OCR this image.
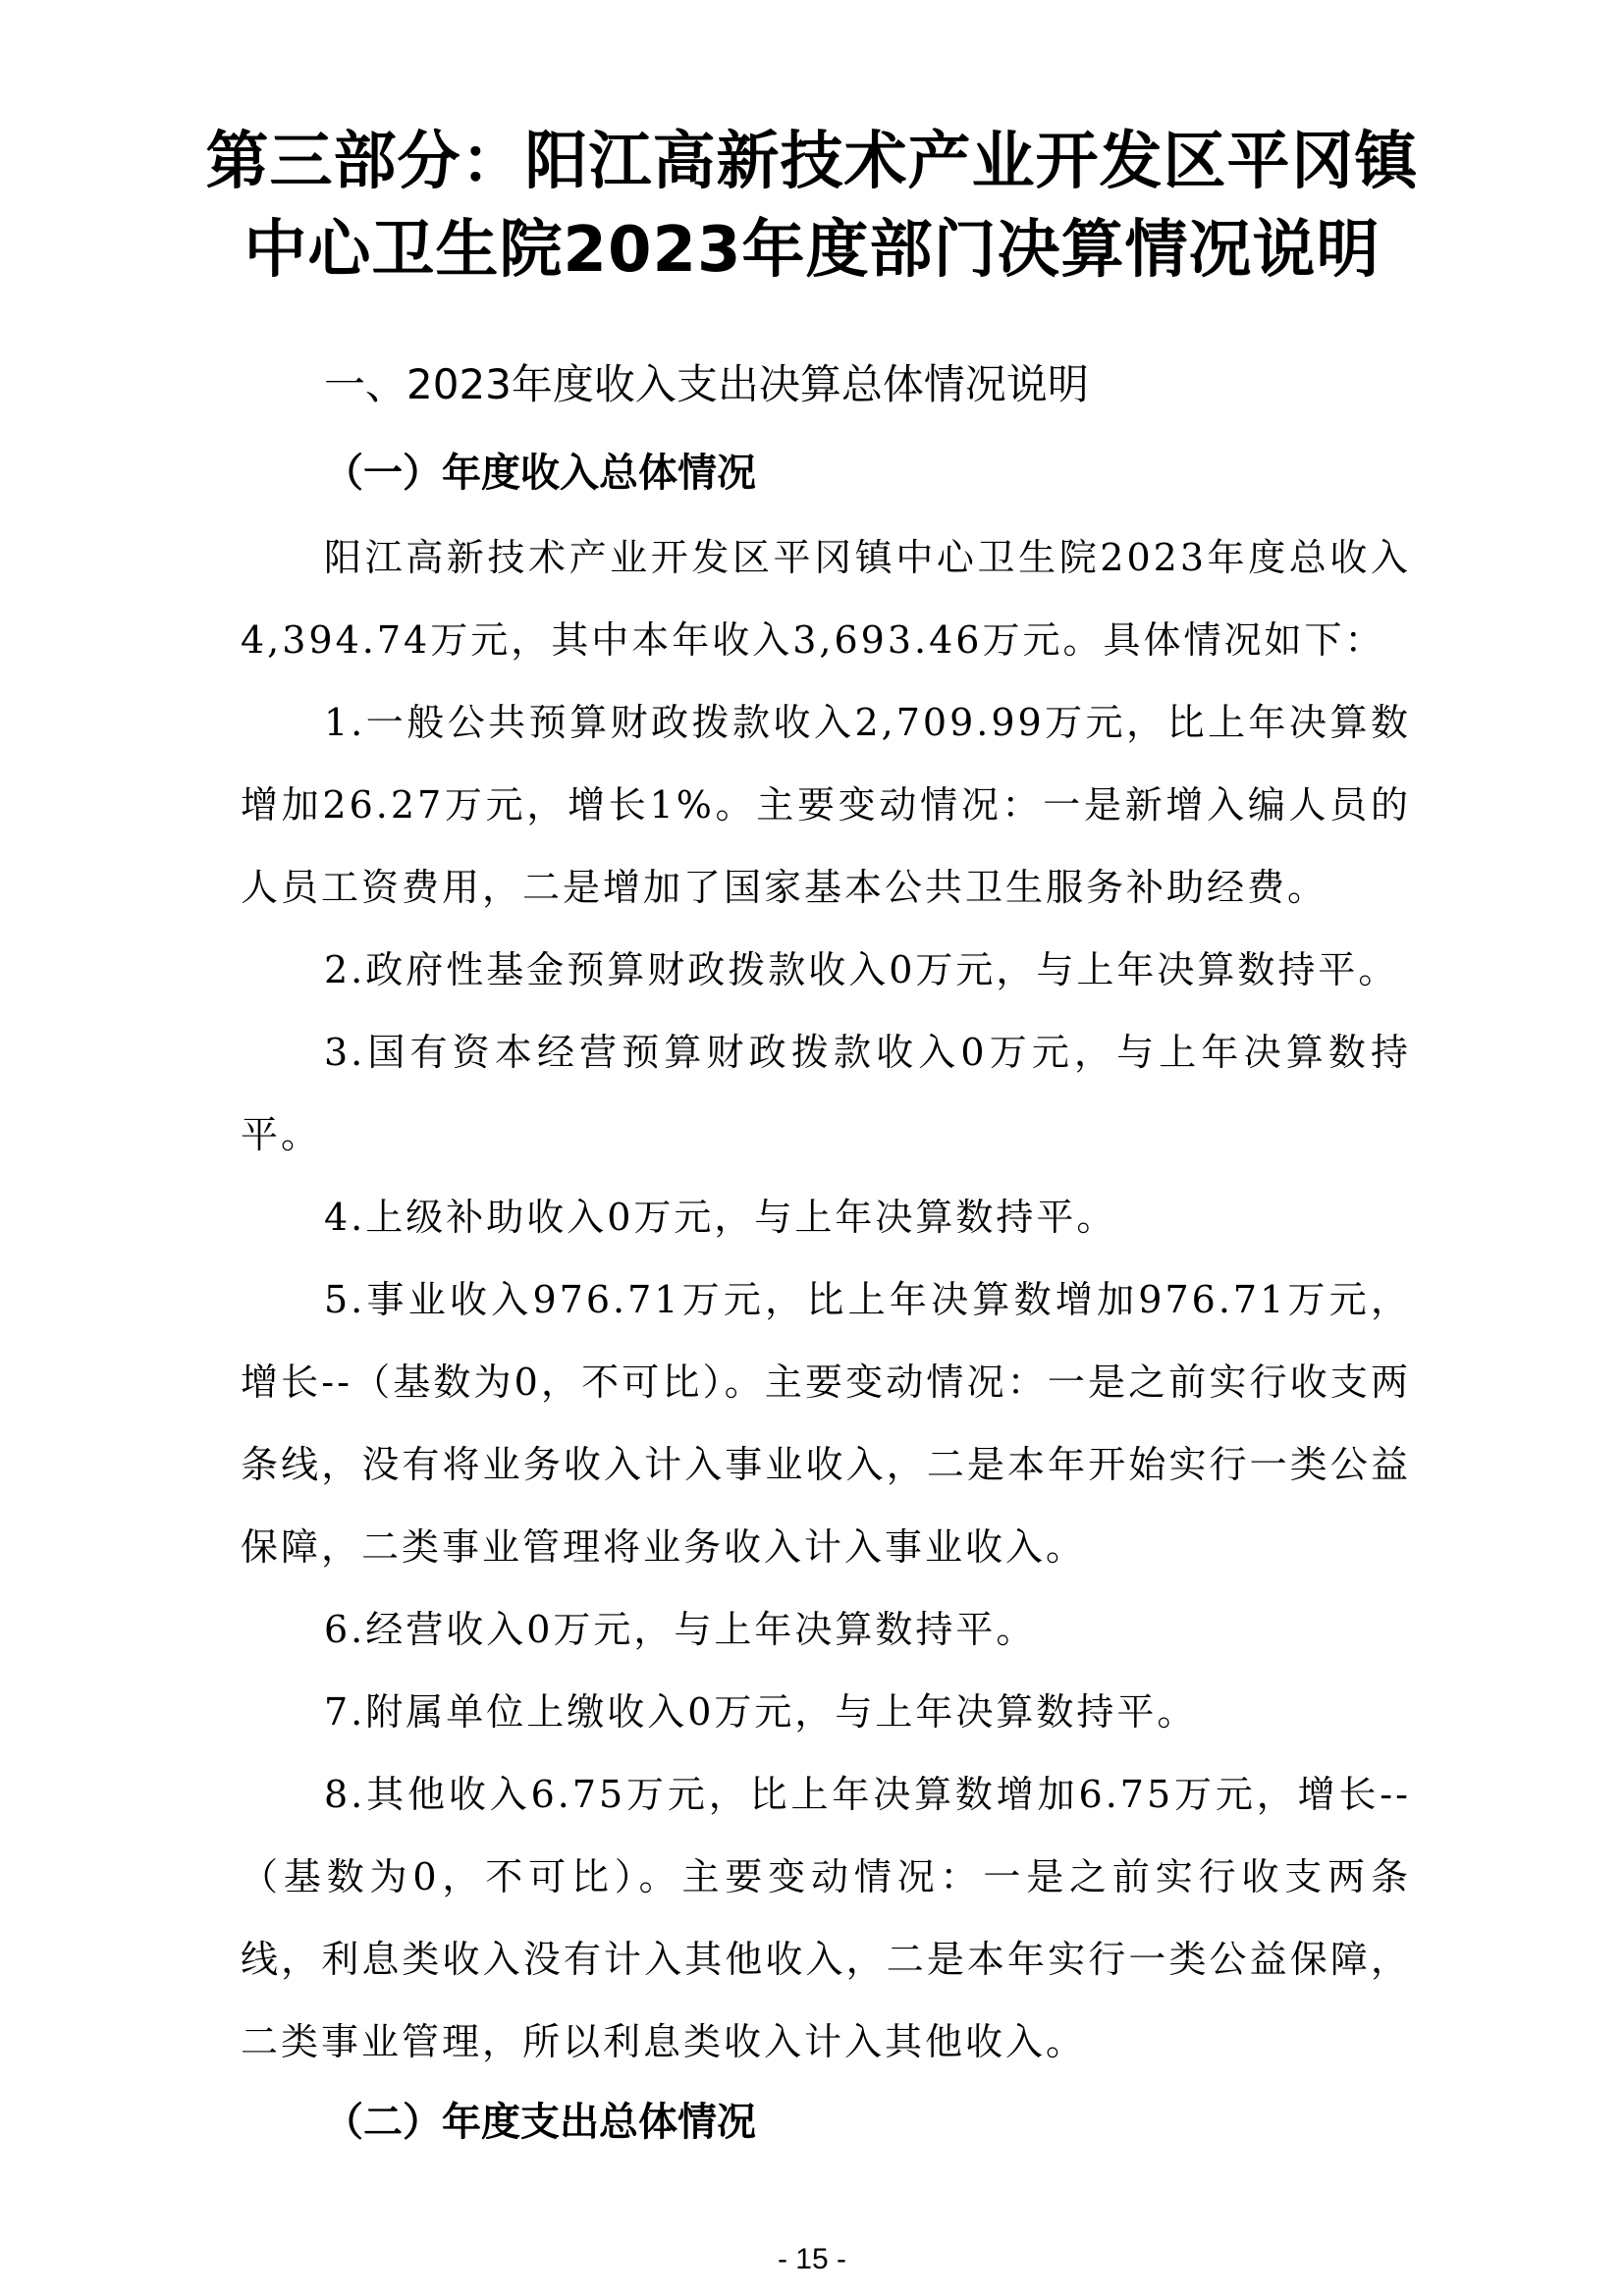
第三部分：阳江高新技术产业开发区平冈镇
中心卫生院2023年度部门决算情况说明
一、2023年度收入支出决算总体情况说明
（一）年度收入总体情况

阳江高新技术产业开发区平冈镇中心卫生院2023年度总收入4,394.74万元，其中本年收入3,693.46万元。具体情况如下：

1.一般公共预算财政拨款收入2,709.99万元，比上年决算数增加26.27万元，增长1%。主要变动情况：一是新增入编人员的人员工资费用，二是增加了国家基本公共卫生服务补助经费。

2.政府性基金预算财政拨款收入0万元，与上年决算数持平。

3.国有资本经营预算财政拨款收入0万元，与上年决算数持平。

4.上级补助收入0万元，与上年决算数持平。

5.事业收入976.71万元，比上年决算数增加976.71万元，增长--（基数为0，不可比）。主要变动情况：一是之前实行收支两条线，没有将业务收入计入事业收入，二是本年开始实行一类公益保障，二类事业管理将业务收入计入事业收入。

6.经营收入0万元，与上年决算数持平。

7.附属单位上缴收入0万元，与上年决算数持平。

8.其他收入6.75万元，比上年决算数增加6.75万元，增长--（基数为0，不可比）。主要变动情况：一是之前实行收支两条线，利息类收入没有计入其他收入，二是本年实行一类公益保障，二类事业管理，所以利息类收入计入其他收入。

（二）年度支出总体情况
- 15 -
